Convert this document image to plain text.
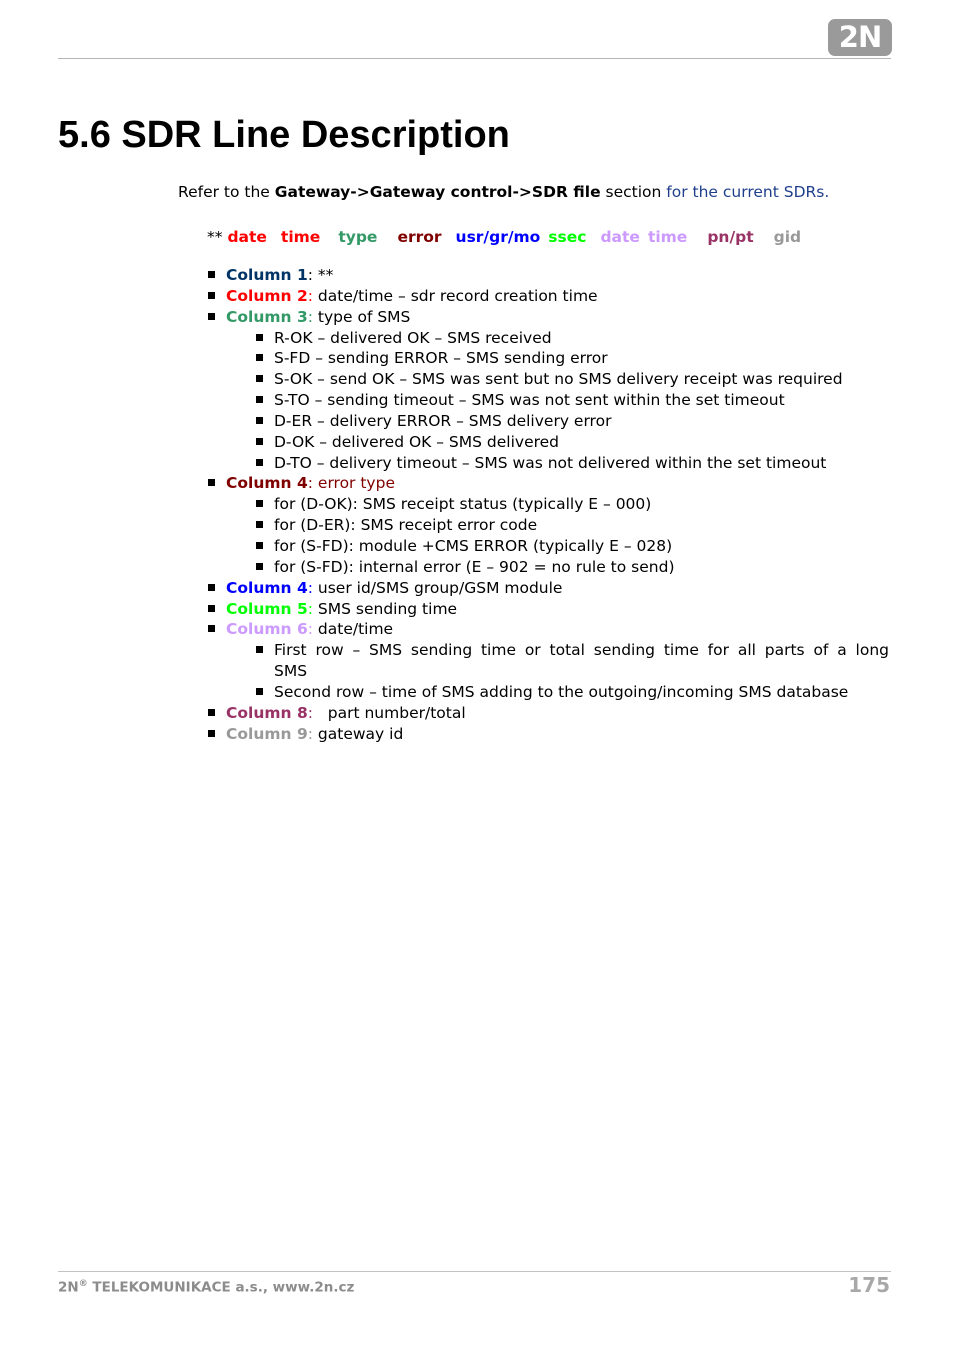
2N
5.6 SDR Line Description
Refer to the Gateway->Gateway control->SDR file section for the current SDRs.
** date time type error usr/gr/mo ssec date time pn/pt gid
Column 1: **
Column 2: date/time – sdr record creation time
Column 3: type of SMS
R-OK – delivered OK – SMS received
S-FD – sending ERROR – SMS sending error
S-OK – send OK – SMS was sent but no SMS delivery receipt was required
S-TO – sending timeout – SMS was not sent within the set timeout
D-ER – delivery ERROR – SMS delivery error
D-OK – delivered OK – SMS delivered
D-TO – delivery timeout – SMS was not delivered within the set timeout
Column 4: error type
for (D-OK): SMS receipt status (typically E – 000)
for (D-ER): SMS receipt error code
for (S-FD): module +CMS ERROR (typically E – 028)
for (S-FD): internal error (E – 902 = no rule to send)
Column 4: user id/SMS group/GSM module
Column 5: SMS sending time
Column 6: date/time
First row – SMS sending time or total sending time for all parts of a long
SMS
Second row – time of SMS adding to the outgoing/incoming SMS database
Column 8:   part number/total
Column 9: gateway id
2N® TELEKOMUNIKACE a.s., www.2n.cz	175
